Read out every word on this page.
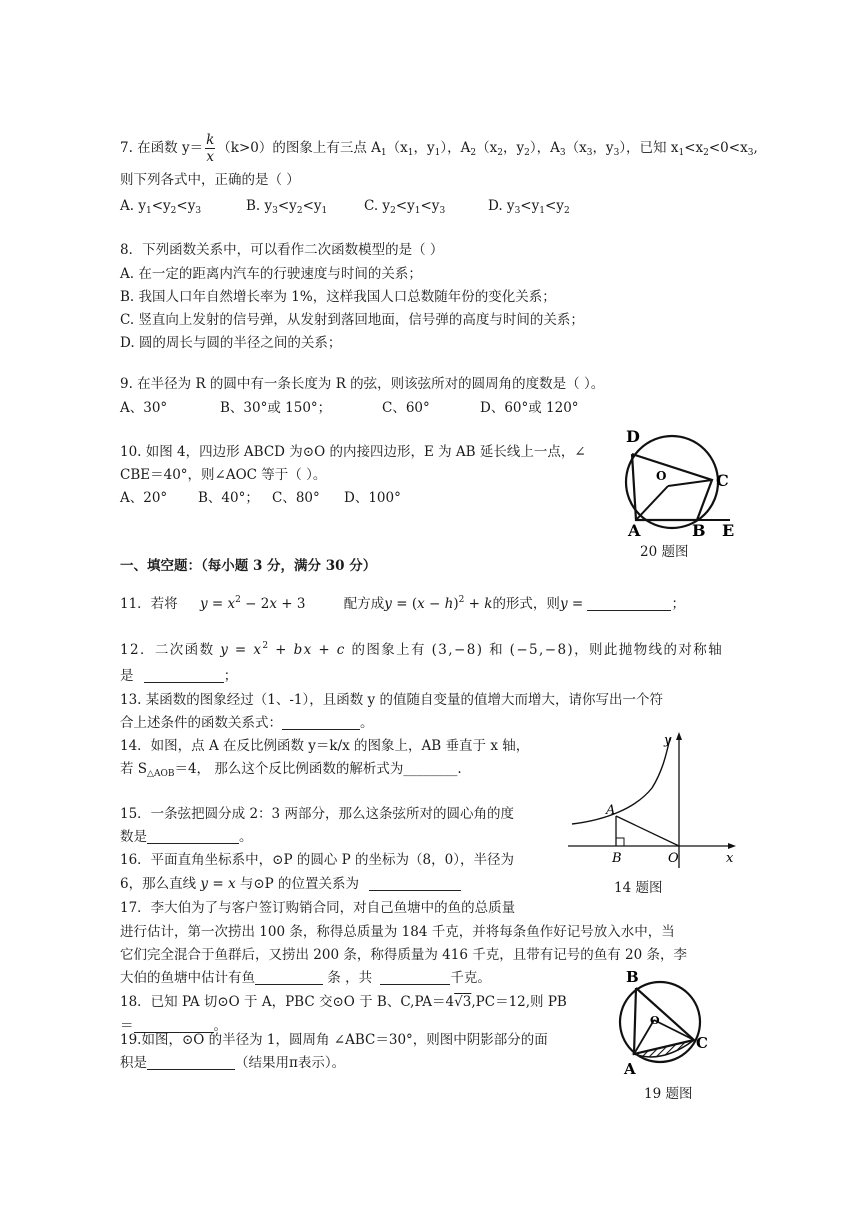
7. 在函数 $y= \frac{k}{x} (k>0)$的图象上有三点 $A_1(x_1$，$y_1$），$A_2(x_2$，$y_2$），$A_3(x_3$，$y_3$），已知 $x_1<x_2<0<x_3$,
则下列各式中，正确的是（ ）
A. $y_1<y_2<y_3$	B. $y_3<y_2<y_1$	C. $y_2<y_1<y_3$	D. $y_3<y_1<y_2$
8．下列函数关系中，可以看作二次函数模型的是（ ）
A. 在一定的距离内汽车的行驶速度与时间的关系；
B. 我国人口年自然增长率为 1%，这样我国人口总数随年份的变化关系；
C. 竖直向上发射的信号弹，从发射到落回地面，信号弹的高度与时间的关系；
D. 圆的周长与圆的半径之间的关系；
9. 在半径为 R 的圆中有一条长度为 R 的弦，则该弦所对的圆周角的度数是（ ）。
A、30°	B、30°或 150°；	C、60°	D、60°或 120°
10. 如图 4，四边形 ABCD 为⊙O 的内接四边形，E 为 AB 延长线上一点，∠
CBE＝40°，则∠AOC 等于（ ）。
A、20° B、40°； C、80° D、100°
D
O	C
A	B E
20 题图
一、填空题：（每小题 3 分，满分 30 分）
11．若将 $y = x^2 - 2x + 3$	配方成$y = (x - h)^2 + k$的形式，则y =	；
12．二次函数 $y = x^2$ + bx + c 的图象上有 (3,−8) 和 (−5,−8)，则此抛物线的对称轴
是	；
13. 某函数的图象经过（1、-1），且函数 y 的值随自变量的值增大而增大，请你写出一个符
合上述条件的函数关系式：	。
14．如图，点 A 在反比例函数 y＝k/x 的图象上，AB 垂直于 x 轴，
若 $S_{\triangle AOB}=4$， 那么这个反比例函数的解析式为________.
y
A
B	O	x
14 题图
15．一条弦把圆分成 2：3 两部分，那么这条弦所对的圆心角的度
数是	。
16．平面直角坐标系中，⊙P 的圆心 P 的坐标为（8，0），半径为
6，那么直线 y = x 与⊙P 的位置关系为
17．李大伯为了与客户签订购销合同，对自己鱼塘中的鱼的总质量
进行估计，第一次捞出 100 条，称得总质量为 184 千克，并将每条鱼作好记号放入水中，当
它们完全混合于鱼群后，又捞出 200 条，称得质量为 416 千克，且带有记号的鱼有 20 条，李
大伯的鱼塘中估计有鱼	条 ，共	千克。
18．已知 PA 切⊙O 于 A，PBC 交⊙O 于 B、C,PA＝4√3,PC＝12,则 PB
＝	。
19.如图，⊙O 的半径为 1，圆周角 ∠ABC＝30°，则图中阴影部分的面
积是	（结果用π表示）。
B
O
C
A
19 题图
